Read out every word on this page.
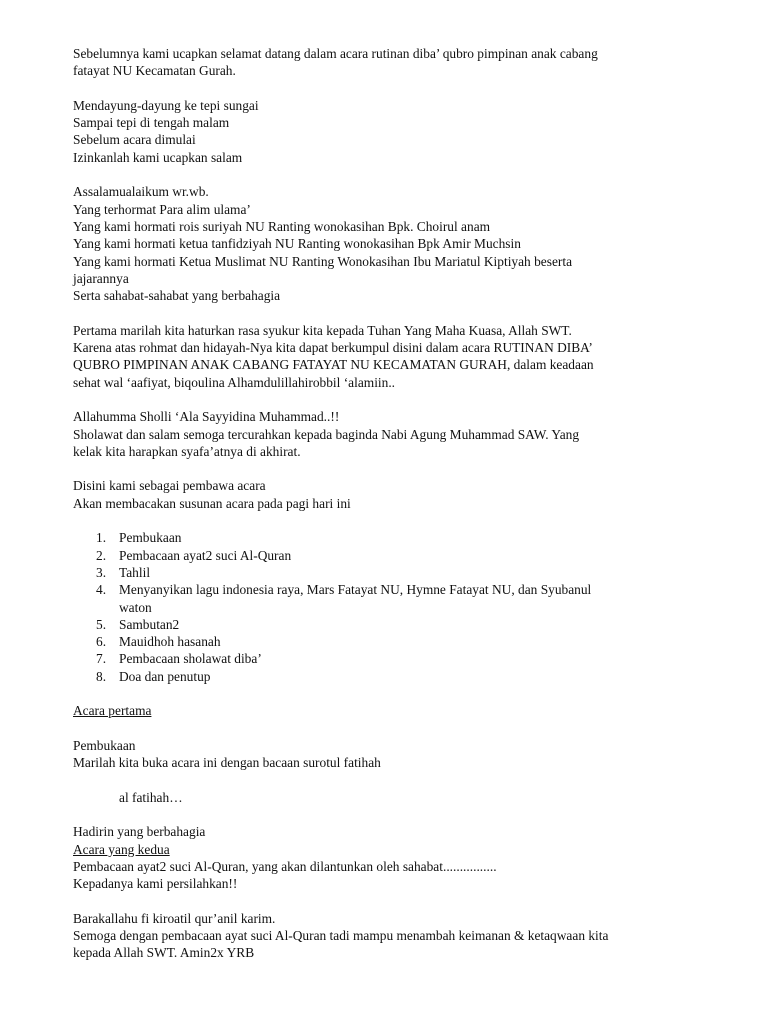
Sebelumnya kami ucapkan selamat datang dalam acara rutinan diba’ qubro pimpinan anak cabang
fatayat NU Kecamatan Gurah.
Mendayung-dayung ke tepi sungai
Sampai tepi di tengah malam
Sebelum acara dimulai
Izinkanlah kami ucapkan salam
Assalamualaikum wr.wb.
Yang terhormat Para alim ulama’
Yang kami hormati rois suriyah NU Ranting wonokasihan Bpk. Choirul anam
Yang kami hormati ketua tanfidziyah NU Ranting wonokasihan Bpk Amir Muchsin
Yang kami hormati Ketua Muslimat NU Ranting Wonokasihan Ibu Mariatul Kiptiyah beserta
jajarannya
Serta sahabat-sahabat yang berbahagia
Pertama marilah kita haturkan rasa syukur kita kepada Tuhan Yang Maha Kuasa, Allah SWT.
Karena atas rohmat dan hidayah-Nya kita dapat berkumpul disini dalam acara RUTINAN DIBA’
QUBRO PIMPINAN ANAK CABANG FATAYAT NU KECAMATAN GURAH, dalam keadaan
sehat wal ‘aafiyat, biqoulina Alhamdulillahirobbil ‘alamiin..
Allahumma Sholli ‘Ala Sayyidina Muhammad..!!
Sholawat dan salam semoga tercurahkan kepada baginda Nabi Agung Muhammad SAW. Yang
kelak kita harapkan syafa’atnya di akhirat.
Disini kami sebagai pembawa acara
Akan membacakan susunan acara pada pagi hari ini
1. Pembukaan
2. Pembacaan ayat2 suci Al-Quran
3. Tahlil
4. Menyanyikan lagu indonesia raya, Mars Fatayat NU, Hymne Fatayat NU, dan Syubanul
waton
5. Sambutan2
6. Mauidhoh hasanah
7. Pembacaan sholawat diba’
8. Doa dan penutup
Acara pertama
Pembukaan
Marilah kita buka acara ini dengan bacaan surotul fatihah
al fatihah…
Hadirin yang berbahagia
Acara yang kedua
Pembacaan ayat2 suci Al-Quran, yang akan dilantunkan oleh sahabat................
Kepadanya kami persilahkan!!
Barakallahu fi kiroatil qur’anil karim.
Semoga dengan pembacaan ayat suci Al-Quran tadi mampu menambah keimanan & ketaqwaan kita
kepada Allah SWT. Amin2x YRB
